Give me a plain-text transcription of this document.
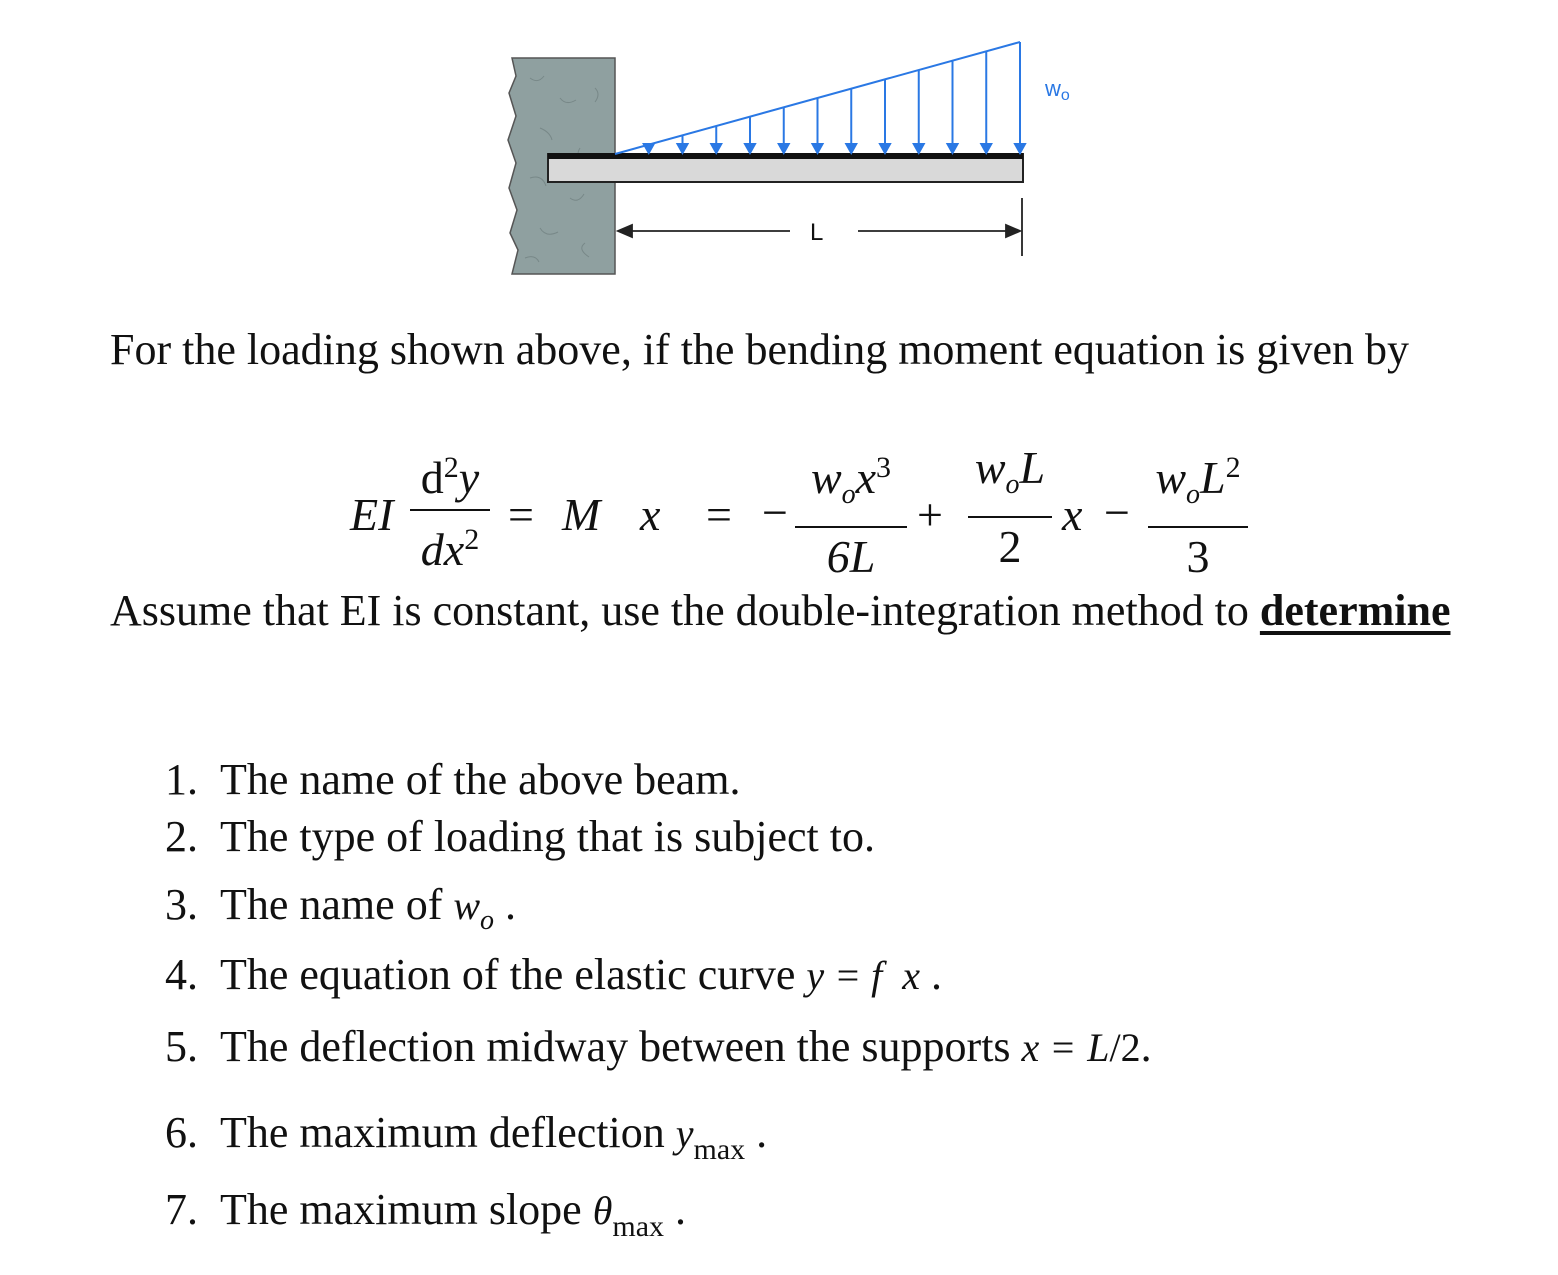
wo
L
For the loading shown above, if the bending moment equation is given by
EI
$d^2y$
$dx^2 = M$ x = −
$w_ox^3$
6L
+
$w_oL$
2
x −
$w_oL^2$
3
Assume that EI is constant, use the double-integration method to determine
1. The name of the above beam.
2. The type of loading that is subject to.
3. The name of $w_o$ .
4. The equation of the elastic curve y = f  x .
5. The deflection midway between the supports x = L/2.
6. The maximum deflection $y_{max}$ .
7. The maximum slope $\theta_{max}$ .
